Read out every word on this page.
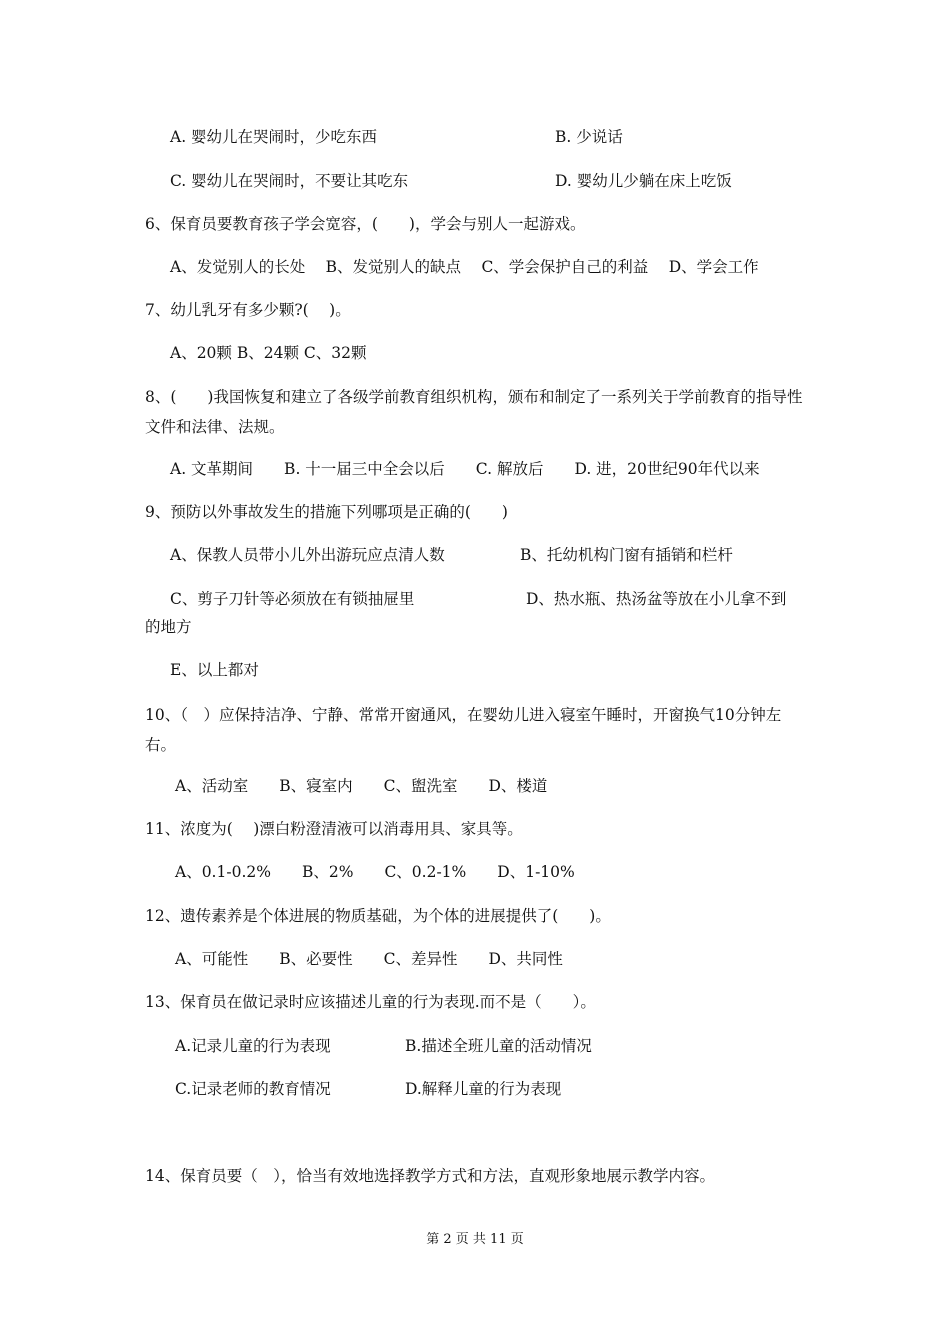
A. 婴幼儿在哭闹时，少吃东西	B. 少说话
C. 婴幼儿在哭闹时，不要让其吃东	D. 婴幼儿少躺在床上吃饭
6、保育员要教育孩子学会宽容，(　　)，学会与别人一起游戏。
A、发觉别人的长处　 B、发觉别人的缺点　 C、学会保护自己的利益　 D、学会工作
7、幼儿乳牙有多少颗?(　 )。
A、20颗 B、24颗 C、32颗
8、(　　)我国恢复和建立了各级学前教育组织机构，颁布和制定了一系列关于学前教育的指导性文件和法律、法规。
A. 文革期间　　B. 十一届三中全会以后　　C. 解放后　　D. 进，20世纪90年代以来
9、预防以外事故发生的措施下列哪项是正确的(　　)
A、保教人员带小儿外出游玩应点清人数	B、托幼机构门窗有插销和栏杆
C、剪子刀针等必须放在有锁抽屉里	D、热水瓶、热汤盆等放在小儿拿不到
的地方
E、以上都对
10、（　）应保持洁净、宁静、常常开窗通风，在婴幼儿进入寝室午睡时，开窗换气10分钟左右。
A、活动室　　B、寝室内　　C、盥洗室　　D、楼道
11、浓度为(　 )漂白粉澄清液可以消毒用具、家具等。
A、0.1-0.2%　　B、2%　　C、0.2-1%　　D、1-10%
12、遗传素养是个体进展的物质基础，为个体的进展提供了(　　)。
A、可能性　　B、必要性　　C、差异性　　D、共同性
13、保育员在做记录时应该描述儿童的行为表现.而不是（　　）。
A.记录儿童的行为表现	B.描述全班儿童的活动情况
C.记录老师的教育情况	D.解释儿童的行为表现
14、保育员要（　），恰当有效地选择教学方式和方法，直观形象地展示教学内容。
第 2 页 共 11 页
